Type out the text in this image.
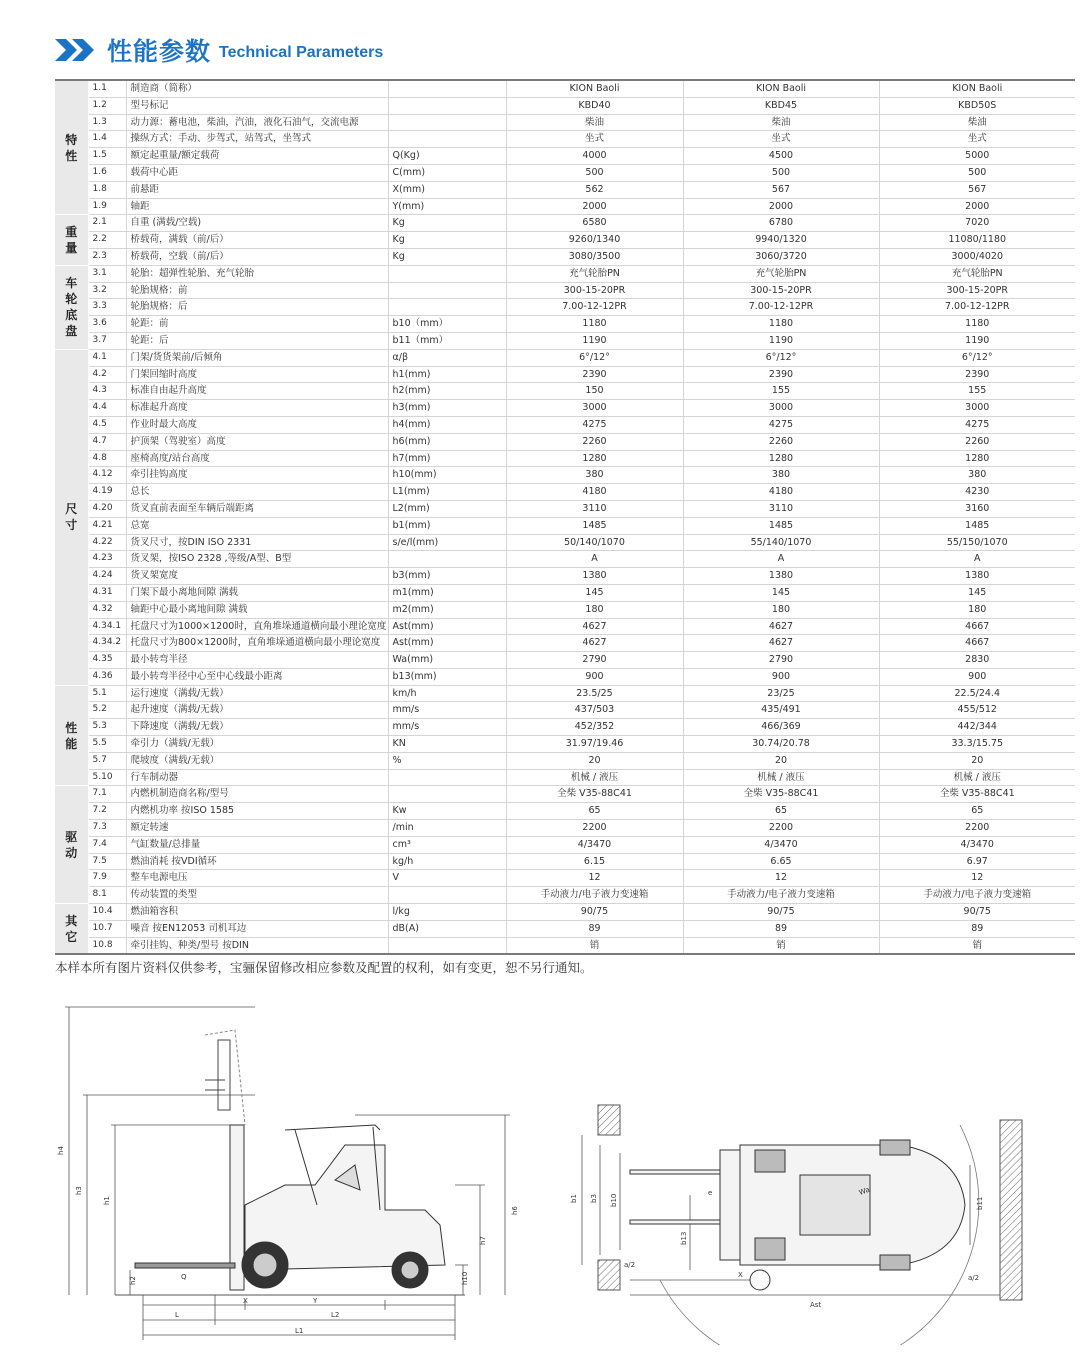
性能参数 Technical Parameters
特性	1.1	制造商（简称）		KION Baoli	KION Baoli	KION Baoli
	1.2	型号标记		KBD40	KBD45	KBD50S
	1.3	动力源：蓄电池，柴油，汽油，液化石油气，交流电源		柴油	柴油	柴油
	1.4	操纵方式：手动、步驾式，站驾式，坐驾式		坐式	坐式	坐式
	1.5	额定起重量/额定载荷	Q(Kg)	4000	4500	5000
	1.6	载荷中心距	C(mm)	500	500	500
	1.8	前悬距	X(mm)	562	567	567
	1.9	轴距	Y(mm)	2000	2000	2000
重量	2.1	自重 (满载/空载)	Kg	6580	6780	7020
	2.2	桥载荷，满载（前/后）	Kg	9260/1340	9940/1320	11080/1180
	2.3	桥载荷，空载（前/后）	Kg	3080/3500	3060/3720	3000/4020
车轮底盘	3.1	轮胎：超弹性轮胎、充气轮胎		充气轮胎PN	充气轮胎PN	充气轮胎PN
	3.2	轮胎规格：前		300-15-20PR	300-15-20PR	300-15-20PR
	3.3	轮胎规格：后		7.00-12-12PR	7.00-12-12PR	7.00-12-12PR
	3.6	轮距：前	b10（mm）	1180	1180	1180
	3.7	轮距：后	b11（mm）	1190	1190	1190
尺寸	4.1	门架/货货架前/后倾角	α/β	6°/12°	6°/12°	6°/12°
	4.2	门架回缩时高度	h1(mm)	2390	2390	2390
	4.3	标准自由起升高度	h2(mm)	150	155	155
	4.4	标准起升高度	h3(mm)	3000	3000	3000
	4.5	作业时最大高度	h4(mm)	4275	4275	4275
	4.7	护顶架（驾驶室）高度	h6(mm)	2260	2260	2260
	4.8	座椅高度/站台高度	h7(mm)	1280	1280	1280
	4.12	牵引挂钩高度	h10(mm)	380	380	380
	4.19	总长	L1(mm)	4180	4180	4230
	4.20	货叉直前表面至车辆后端距离	L2(mm)	3110	3110	3160
	4.21	总宽	b1(mm)	1485	1485	1485
	4.22	货叉尺寸，按DIN ISO 2331	s/e/l(mm)	50/140/1070	55/140/1070	55/150/1070
	4.23	货叉架，按ISO 2328 ,等级/A型、B型		A	A	A
	4.24	货叉架宽度	b3(mm)	1380	1380	1380
	4.31	门架下最小离地间隙 满载	m1(mm)	145	145	145
	4.32	轴距中心最小离地间隙 满载	m2(mm)	180	180	180
	4.34.1	托盘尺寸为1000×1200时，直角堆垛通道横向最小理论宽度	Ast(mm)	4627	4627	4667
	4.34.2	托盘尺寸为800×1200时，直角堆垛通道横向最小理论宽度	Ast(mm)	4627	4627	4667
	4.35	最小转弯半径	Wa(mm)	2790	2790	2830
	4.36	最小转弯半径中心至中心线最小距离	b13(mm)	900	900	900
性能	5.1	运行速度（满载/无载）	km/h	23.5/25	23/25	22.5/24.4
	5.2	起升速度（满载/无载）	mm/s	437/503	435/491	455/512
	5.3	下降速度（满载/无载）	mm/s	452/352	466/369	442/344
	5.5	牵引力（满载/无载）	KN	31.97/19.46	30.74/20.78	33.3/15.75
	5.7	爬坡度（满载/无载）	%	20	20	20
	5.10	行车制动器		机械 / 液压	机械 / 液压	机械 / 液压
驱动	7.1	内燃机制造商名称/型号		全柴 V35-88C41	全柴 V35-88C41	全柴 V35-88C41
	7.2	内燃机功率 按ISO 1585	Kw	65	65	65
	7.3	额定转速	/min	2200	2200	2200
	7.4	气缸数量/总排量	cm³	4/3470	4/3470	4/3470
	7.5	燃油消耗 按VDI循环	kg/h	6.15	6.65	6.97
	7.9	整车电源电压	V	12	12	12
	8.1	传动装置的类型		手动液力/电子液力变速箱	手动液力/电子液力变速箱	手动液力/电子液力变速箱
其它	10.4	燃油箱容积	l/kg	90/75	90/75	90/75
	10.7	噪音 按EN12053 司机耳边	dB(A)	89	89	89
	10.8	牵引挂钩、种类/型号 按DIN		销	销	销
本样本所有图片资料仅供参考，宝骊保留修改相应参数及配置的权利，如有变更，恕不另行通知。
h4
h3
h1
h6
h7
h10
h2	Q
X	Y
L	L2
L1
b1 b3 b10
b13
Wa
b11
a/2
X
Ast
a/2
e
